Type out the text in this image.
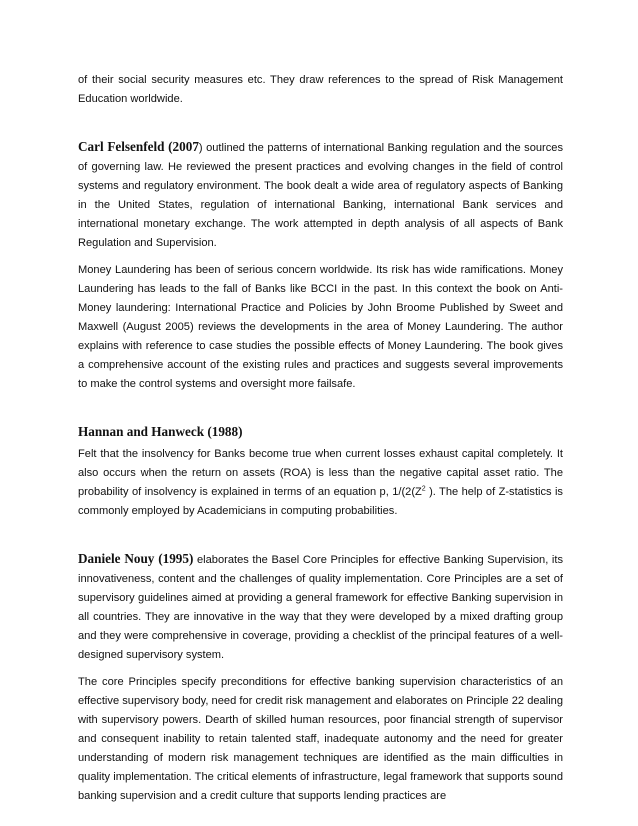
of their social security measures etc. They draw references to the spread of Risk Management Education worldwide.

Carl Felsenfeld (2007) outlined the patterns of international Banking regulation and the sources of governing law. He reviewed the present practices and evolving changes in the field of control systems and regulatory environment. The book dealt a wide area of regulatory aspects of Banking in the United States, regulation of international Banking, international Bank services and international monetary exchange. The work attempted in depth analysis of all aspects of Bank Regulation and Supervision.

Money Laundering has been of serious concern worldwide. Its risk has wide ramifications. Money Laundering has leads to the fall of Banks like BCCI in the past. In this context the book on Anti-Money laundering: International Practice and Policies by John Broome Published by Sweet and Maxwell (August 2005) reviews the developments in the area of Money Laundering. The author explains with reference to case studies the possible effects of Money Laundering. The book gives a comprehensive account of the existing rules and practices and suggests several improvements to make the control systems and oversight more failsafe.

Hannan and Hanweck (1988)

Felt that the insolvency for Banks become true when current losses exhaust capital completely. It also occurs when the return on assets (ROA) is less than the negative capital asset ratio. The probability of insolvency is explained in terms of an equation p, $1/(2(Z^2$ ). The help of Z-statistics is commonly employed by Academicians in computing probabilities.

Daniele Nouy (1995) elaborates the Basel Core Principles for effective Banking Supervision, its innovativeness, content and the challenges of quality implementation. Core Principles are a set of supervisory guidelines aimed at providing a general framework for effective Banking supervision in all countries. They are innovative in the way that they were developed by a mixed drafting group and they were comprehensive in coverage, providing a checklist of the principal features of a well-designed supervisory system.

The core Principles specify preconditions for effective banking supervision characteristics of an effective supervisory body, need for credit risk management and elaborates on Principle 22 dealing with supervisory powers. Dearth of skilled human resources, poor financial strength of supervisor and consequent inability to retain talented staff, inadequate autonomy and the need for greater understanding of modern risk management techniques are identified as the main difficulties in quality implementation. The critical elements of infrastructure, legal framework that supports sound banking supervision and a credit culture that supports lending practices are
